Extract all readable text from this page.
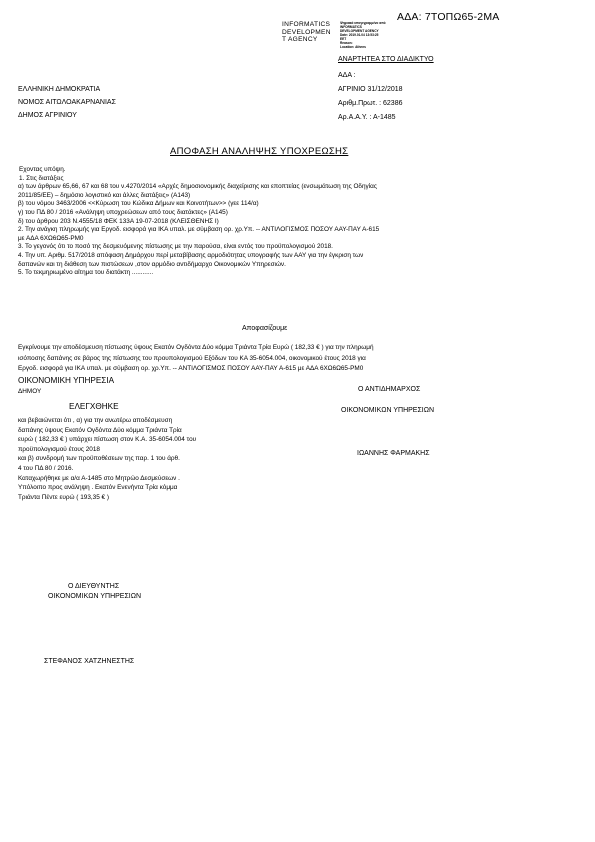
ΑΔΑ: 7ΤΟΠΩ65-2ΜΑ
INFORMATICS
DEVELOPMEN
T AGENCY
Ψηφιακά υπογεγραμμένο από
INFORMATICS
DEVELOPMENT AGENCY
Date: 2019.01.04 13:53:25
EET
Reason:
Location: Athens
ΑΝΑΡΤΗΤΕΑ ΣΤΟ ΔΙΑΔΙΚΤΥΟ
ΕΛΛΗΝΙΚΗ ΔΗΜΟΚΡΑΤΙΑ
ΝΟΜΟΣ ΑΙΤΩΛΟΑΚΑΡΝΑΝΙΑΣ
ΔΗΜΟΣ ΑΓΡΙΝΙΟΥ
ΑΔΑ :
ΑΓΡΙΝΙΟ 31/12/2018
Αριθμ.Πρωτ. : 62386
Αρ.Α.Α.Υ. : Α-1485
ΑΠΟΦΑΣΗ ΑΝΑΛΗΨΗΣ ΥΠΟΧΡΕΩΣΗΣ
Εχοντας υπόψη.
1. Στις διατάξεις
α) των άρθρων 65,66, 67 και 68 του ν.4270/2014 «Αρχές δημοσιονομικής διαχείρισης και εποπτείας (ενσωμάτωση της Οδηγίας
2011/85/ΕΕ) – δημόσιο λογιστικό και άλλες διατάξεις» (Α143)
β) του νόμου 3463/2006 <<Κύρωση του Κώδικα Δήμων και Κοινοτήτων>> (γεε 114/α)
γ) του ΠΔ 80 / 2016 «Ανάληψη υποχρεώσεων από τους διατάκτες» (Α145)
δ) του άρθρου 203 Ν.4555/18 ΦΕΚ 133Α 19-07-2018 (ΚΛΕΙΣΘΕΝΗΣ Ι)
2. Την ανάγκη πληρωμής για Εργοδ. εισφορά για ΙΚΑ υπαλ. με σύμβαση ορ. χρ.Υπ. -- ΑΝΤΙΛΟΓΙΣΜΟΣ ΠΟΣΟΥ ΑΑΥ-ΠΑΥ Α-615
με ΑΔΑ 6ΧΩ6Ω65-ΡΜ0
3. Το γεγονός ότι το ποσό της δεσμευόμενης πίστωσης με την παρούσα, είναι εντός του προϋπολογισμού 2018.
4. Την υπ. Αριθμ. 517/2018 απόφαση Δημάρχου περί μεταβίβασης αρμοδιότητας υπογραφής των ΑΑΥ για την έγκριση των
δαπανών και τη διάθεση των πιστώσεων ,στον αρμόδιο αντιδήμαρχο Οικονομικών Υπηρεσιών.
5. Το τεκμηριωμένο αίτημα του διατάκτη ............
Αποφασίζουμε
Εγκρίνουμε την αποδέσμευση πίστωσης ύψους Εκατόν Ογδόντα Δύο κόμμα Τριάντα Τρία Ευρώ ( 182,33 € ) για την πληρωμή
ισόποσης δαπάνης σε βάρος της πίστωσης του προυπολογισμού Εξόδων του ΚΑ 35-6054.004, οικονομικού έτους 2018 για
Εργοδ. εισφορά για ΙΚΑ υπαλ. με σύμβαση ορ. χρ.Υπ. -- ΑΝΤΙΛΟΓΙΣΜΟΣ ΠΟΣΟΥ ΑΑΥ-ΠΑΥ Α-615 με ΑΔΑ 6ΧΩ6Ω65-ΡΜ0
ΟΙΚΟΝΟΜΙΚΗ ΥΠΗΡΕΣΙΑ
ΔΗΜΟΥ
ΕΛΕΓΧΘΗΚΕ
και βεβαιώνεται ότι , α) για την ανωτέρω αποδέσμευση
δαπάνης ύψους Εκατόν Ογδόντα Δύο κόμμα Τριάντα Τρία
ευρώ ( 182,33 € ) υπάρχει πίστωση στον Κ.Α. 35-6054.004 του
προϋπολογισμού έτους 2018
και β) συνδρομή των προϋποθέσεων της παρ. 1 του άρθ.
4 του ΠΔ 80 / 2016.
Καταχωρήθηκε με α/α Α-1485 στο Μητρώο Δεσμεύσεων .
Υπόλοιπο προς ανάληψη . Εκατόν Ενενήντα Τρία κόμμα
Τριάντα Πέντε ευρώ ( 193,35 € )
Ο ΑΝΤΙΔΗΜΑΡΧΟΣ
ΟΙΚΟΝΟΜΙΚΩΝ ΥΠΗΡΕΣΙΩΝ
ΙΩΑΝΝΗΣ ΦΑΡΜΑΚΗΣ
Ο ΔΙΕΥΘΥΝΤΗΣ
ΟΙΚΟΝΟΜΙΚΩΝ ΥΠΗΡΕΣΙΩΝ
ΣΤΕΦΑΝΟΣ ΧΑΤΖΗΝΕΣΤΗΣ
